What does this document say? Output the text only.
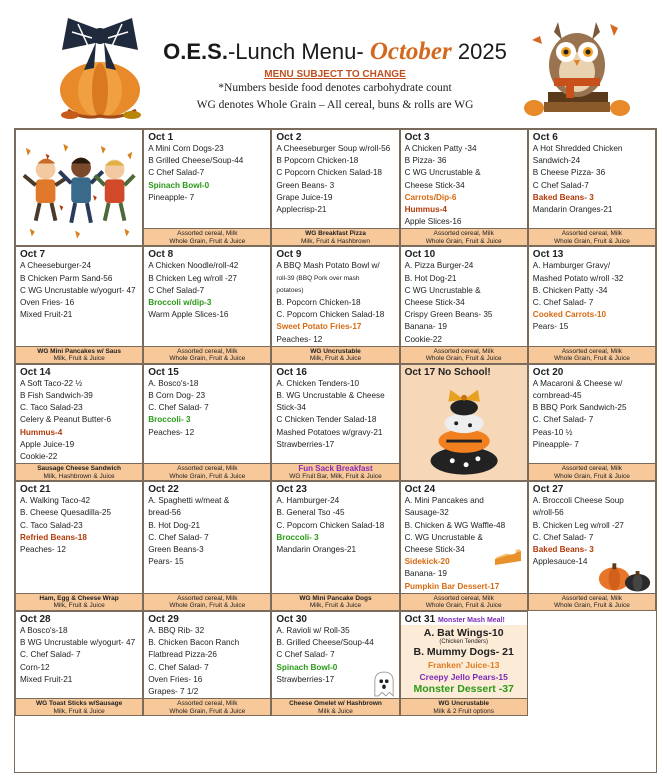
O.E.S.-Lunch Menu- October 2025
MENU SUBJECT TO CHANGE
*Numbers beside food denotes carbohydrate count
WG denotes Whole Grain – All cereal, buns & rolls are WG
Oct 1
A Mini Corn Dogs-23
B Grilled Cheese/Soup-44
C Chef Salad-7
Spinach Bowl-0
Pineapple- 7
Assorted cereal, Milk
Whole Grain, Fruit & Juice
Oct 2
A Cheeseburger Soup w/roll-56
B Popcorn Chicken-18
C Popcorn Chicken Salad-18
Green Beans- 3
Grape Juice-19
Applecrisp-21
WG Breakfast Pizza
Milk, Fruit & Hashbrown
Oct 3
A Chicken Patty -34
B Pizza- 36
C WG Uncrustable &
Cheese Stick-34
Carrots/Dip-6
Hummus-4
Apple Slices-16
Assorted cereal, Milk
Whole Grain, Fruit & Juice
Oct 6
A Hot Shredded Chicken
Sandwich-24
B Cheese Pizza- 36
C Chef Salad-7
Baked Beans- 3
Mandarin Oranges-21
Assorted cereal, Milk
Whole Grain, Fruit & Juice
Oct 7
A Cheeseburger-24
B Chicken Parm Sand-56
C WG Uncrustable w/yogurt- 47
Oven Fries- 16
Mixed Fruit-21
WG Mini Pancakes w/ Saus
Milk, Fruit & Juice
Oct 8
A Chicken Noodle/roll-42
B Chicken Leg w/roll -27
C Chef Salad-7
Broccoli w/dip-3
Warm Apple Slices-16
Assorted cereal, Milk
Whole Grain, Fruit & Juice
Oct 9
A BBQ Mash Potato Bowl w/
roll-39 (BBQ Pork over mash
potatoes)
B. Popcorn Chicken-18
C. Popcorn Chicken Salad-18
Sweet Potato Fries-17
Peaches- 12
WG Uncrustable
Milk, Fruit & Juice
Oct 10
A. Pizza Burger-24
B. Hot Dog-21
C WG Uncrustable &
Cheese Stick-34
Crispy Green Beans- 35
Banana- 19
Cookie-22
Assorted cereal, Milk
Whole Grain, Fruit & Juice
Oct 13
A. Hamburger Gravy/
Mashed Potato w/roll -32
B. Chicken Patty -34
C. Chef Salad- 7
Cooked Carrots-10
Pears- 15
Assorted cereal, Milk
Whole Grain, Fruit & Juice
Oct 14
A Soft Taco-22 ½
B Fish Sandwich-39
C. Taco Salad-23
Celery & Peanut Butter-6
Hummus-4
Apple Juice-19
Cookie-22
Sausage Cheese Sandwich
Milk, Hashbrown & Juice
Oct 15
A. Bosco's-18
B Corn Dog- 23
C. Chef Salad- 7
Broccoli- 3
Peaches- 12
Assorted cereal, Milk
Whole Grain, Fruit & Juice
Oct 16
A. Chicken Tenders-10
B. WG Uncrustable & Cheese
Stick-34
C Chicken Tender Salad-18
Mashed Potatoes w/gravy-21
Strawberries-17
Fun Sack Breakfast
WG Fruit Bar, Milk, Fruit & Juice
Oct 17 No School!	Oct 20
A Macaroni & Cheese w/
cornbread-45
B BBQ Pork Sandwich-25
C. Chef Salad- 7
Peas-10 ½
Pineapple- 7
Assorted cereal, Milk
Whole Grain, Fruit & Juice
Oct 21
A. Walking Taco-42
B. Cheese Quesadilla-25
C. Taco Salad-23
Refried Beans-18
Peaches- 12
Ham, Egg & Cheese Wrap
Milk, Fruit & Juice
Oct 22
A. Spaghetti w/meat &
bread-56
B. Hot Dog-21
C. Chef Salad- 7
Green Beans-3
Pears- 15
Assorted cereal, Milk
Whole Grain, Fruit & Juice
Oct 23
A. Hamburger-24
B. General Tso -45
C. Popcorn Chicken Salad-18
Broccoli- 3
Mandarin Oranges-21
WG Mini Pancake Dogs
Milk, Fruit & Juice
Oct 24
A. Mini Pancakes and
Sausage-32
B. Chicken & WG Waffle-48
C. WG Uncrustable &
Cheese Stick-34
Sidekick-20
Banana- 19
Pumpkin Bar Dessert-17
Assorted cereal, Milk
Whole Grain, Fruit & Juice
Oct 27
A. Broccoli Cheese Soup
w/roll-56
B. Chicken Leg w/roll -27
C. Chef Salad- 7
Baked Beans- 3
Applesauce-14
Assorted cereal, Milk
Whole Grain, Fruit & Juice
Oct 28
A Bosco's-18
B WG Uncrustable w/yogurt- 47
C. Chef Salad- 7
Corn-12
Mixed Fruit-21
WG Toast Sticks w/Sausage
Milk, Fruit & Juice
Oct 29
A. BBQ Rib- 32
B. Chicken Bacon Ranch
Flatbread Pizza-26
C. Chef Salad- 7
Oven Fries- 16
Grapes- 7 1/2
Assorted cereal, Milk
Whole Grain, Fruit & Juice
Oct 30
A. Ravioli w/ Roll-35
B. Grilled Cheese/Soup-44
C Chef Salad- 7
Spinach Bowl-0
Strawberries-17
Cheese Omelet w/ Hashbrown
Milk & Juice
Oct 31 Monster Mash Meal!
A. Bat Wings-10
(Chicken Tenders)
B. Mummy Dogs- 21
Franken' Juice-13
Creepy Jello Pears-15
Monster Dessert -37
WG Uncrustable
Milk & 2 Fruit options
